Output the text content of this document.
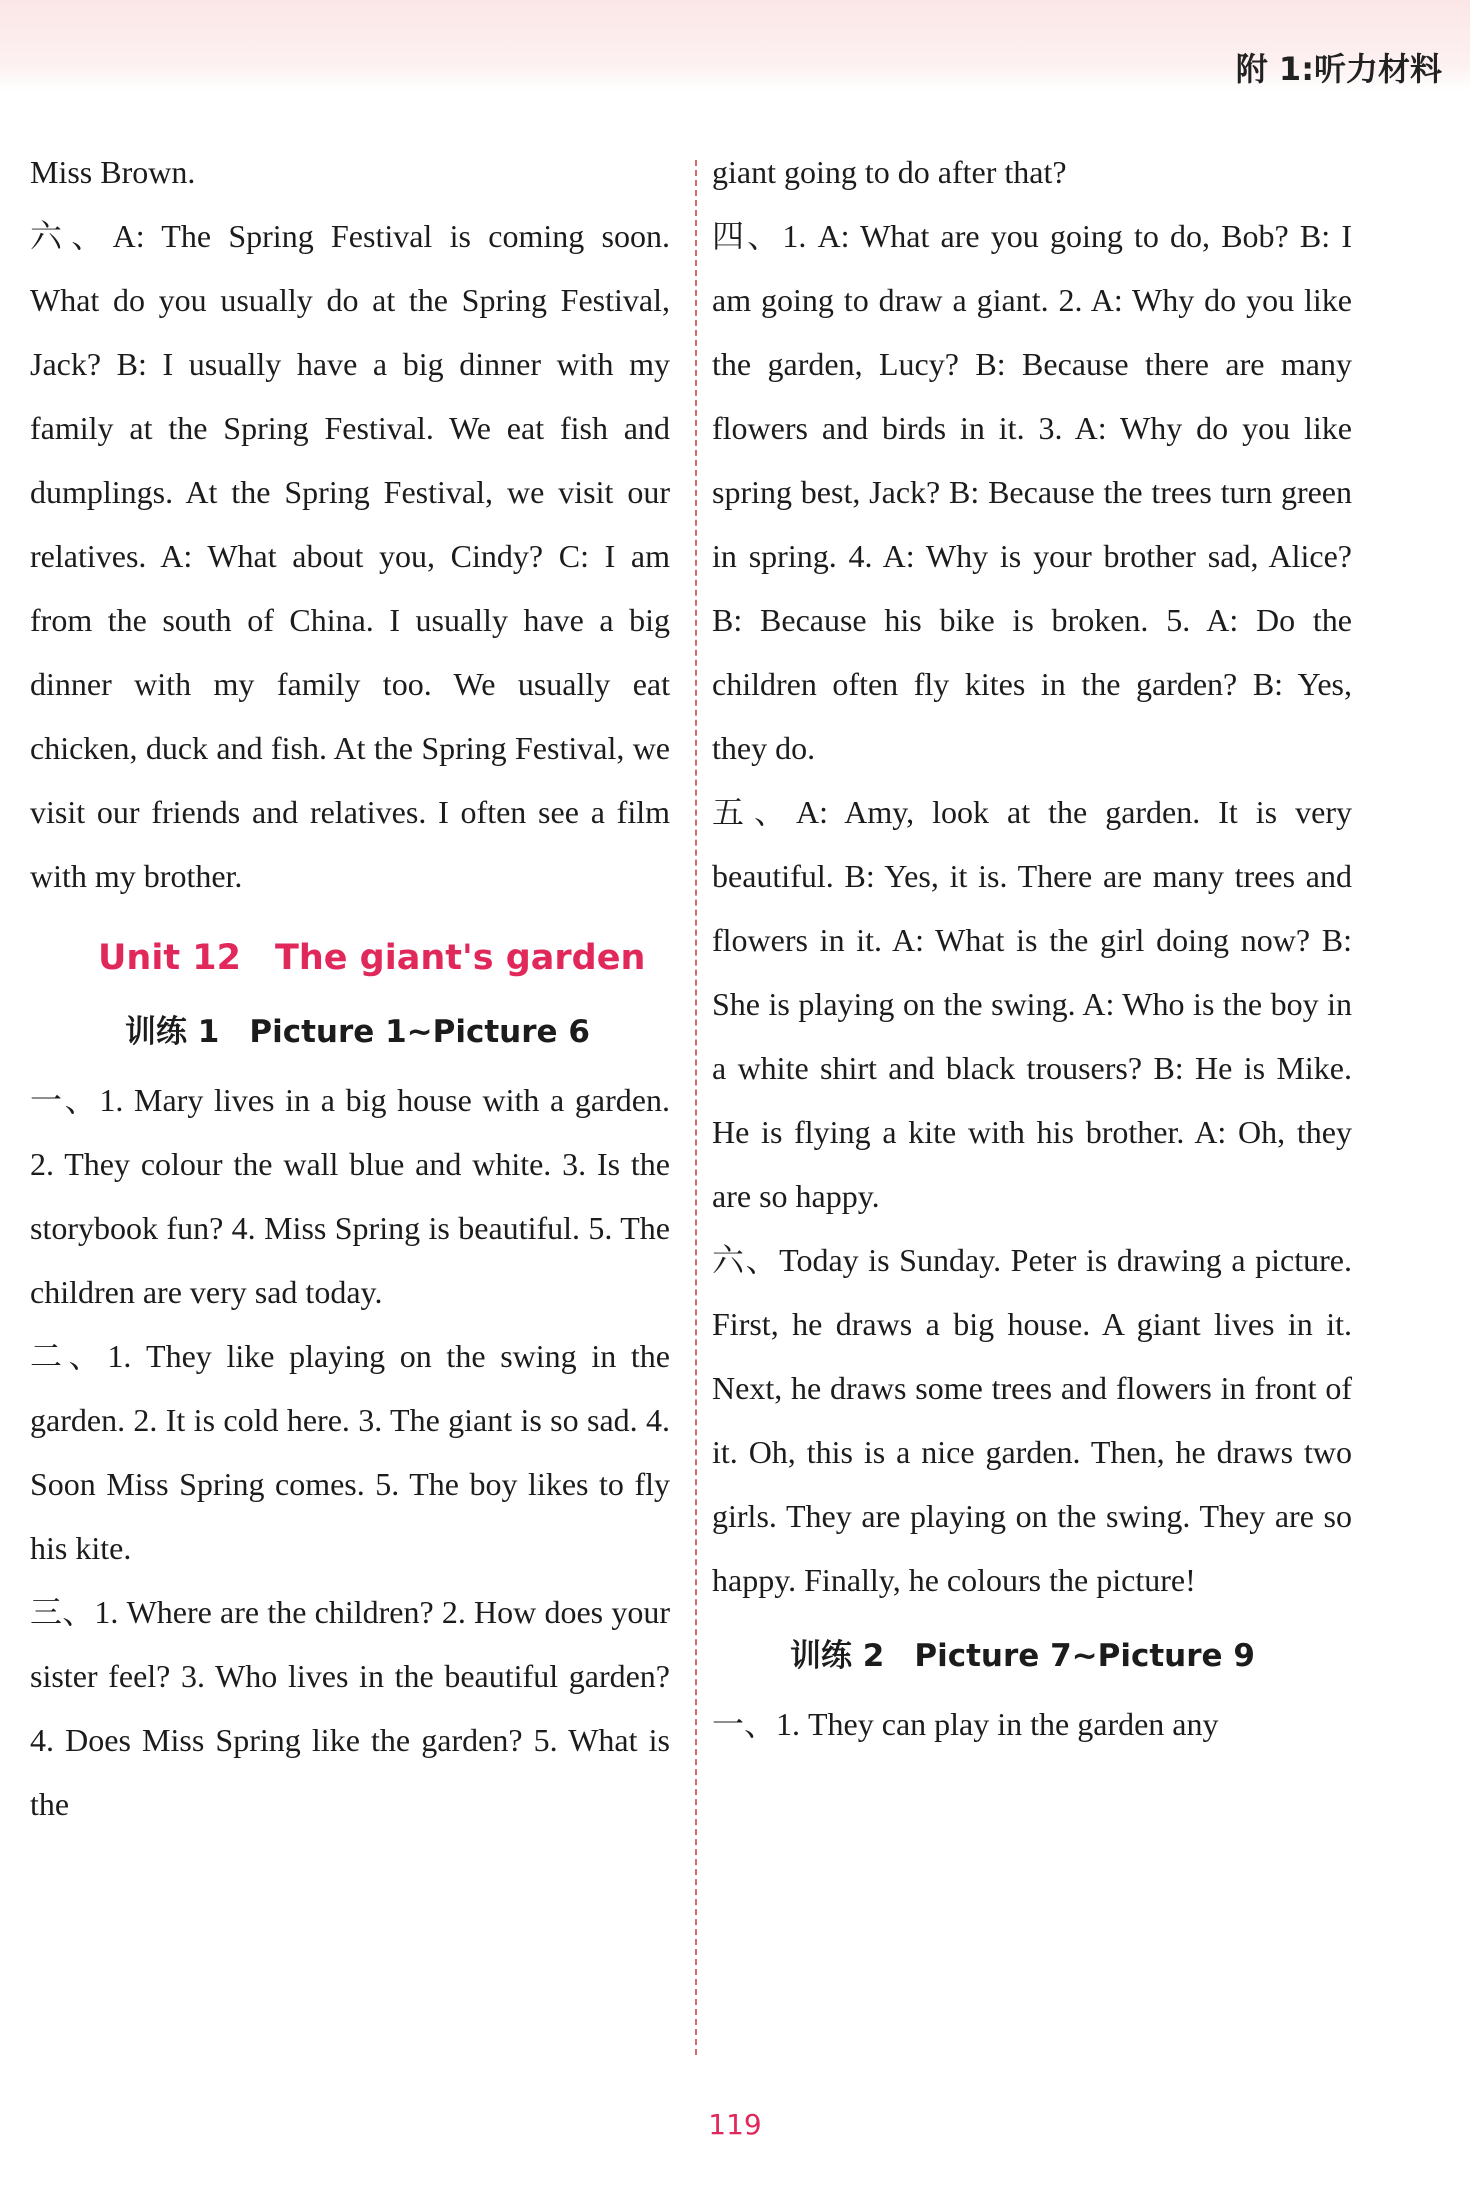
附 1:听力材料

Miss Brown.

六、A: The Spring Festival is coming soon. What do you usually do at the Spring Festival, Jack? B: I usually have a big dinner with my family at the Spring Festival. We eat fish and dumplings. At the Spring Festival, we visit our relatives. A: What about you, Cindy? C: I am from the south of China. I usually have a big dinner with my family too. We usually eat chicken, duck and fish. At the Spring Festival, we visit our friends and relatives. I often see a film with my brother.

Unit 12 The giant's garden
训练 1 Picture 1~Picture 6

一、1. Mary lives in a big house with a garden. 2. They colour the wall blue and white. 3. Is the storybook fun? 4. Miss Spring is beautiful. 5. The children are very sad today.

二、1. They like playing on the swing in the garden. 2. It is cold here. 3. The giant is so sad. 4. Soon Miss Spring comes. 5. The boy likes to fly his kite.

三、1. Where are the children? 2. How does your sister feel? 3. Who lives in the beautiful garden? 4. Does Miss Spring like the garden? 5. What is the

giant going to do after that?

四、1. A: What are you going to do, Bob? B: I am going to draw a giant. 2. A: Why do you like the garden, Lucy? B: Because there are many flowers and birds in it. 3. A: Why do you like spring best, Jack? B: Because the trees turn green in spring. 4. A: Why is your brother sad, Alice? B: Because his bike is broken. 5. A: Do the children often fly kites in the garden? B: Yes, they do.

五、A: Amy, look at the garden. It is very beautiful. B: Yes, it is. There are many trees and flowers in it. A: What is the girl doing now? B: She is playing on the swing. A: Who is the boy in a white shirt and black trousers? B: He is Mike. He is flying a kite with his brother. A: Oh, they are so happy.

六、Today is Sunday. Peter is drawing a picture. First, he draws a big house. A giant lives in it. Next, he draws some trees and flowers in front of it. Oh, this is a nice garden. Then, he draws two girls. They are playing on the swing. They are so happy. Finally, he colours the picture!

训练 2 Picture 7~Picture 9

一、1. They can play in the garden any

119
